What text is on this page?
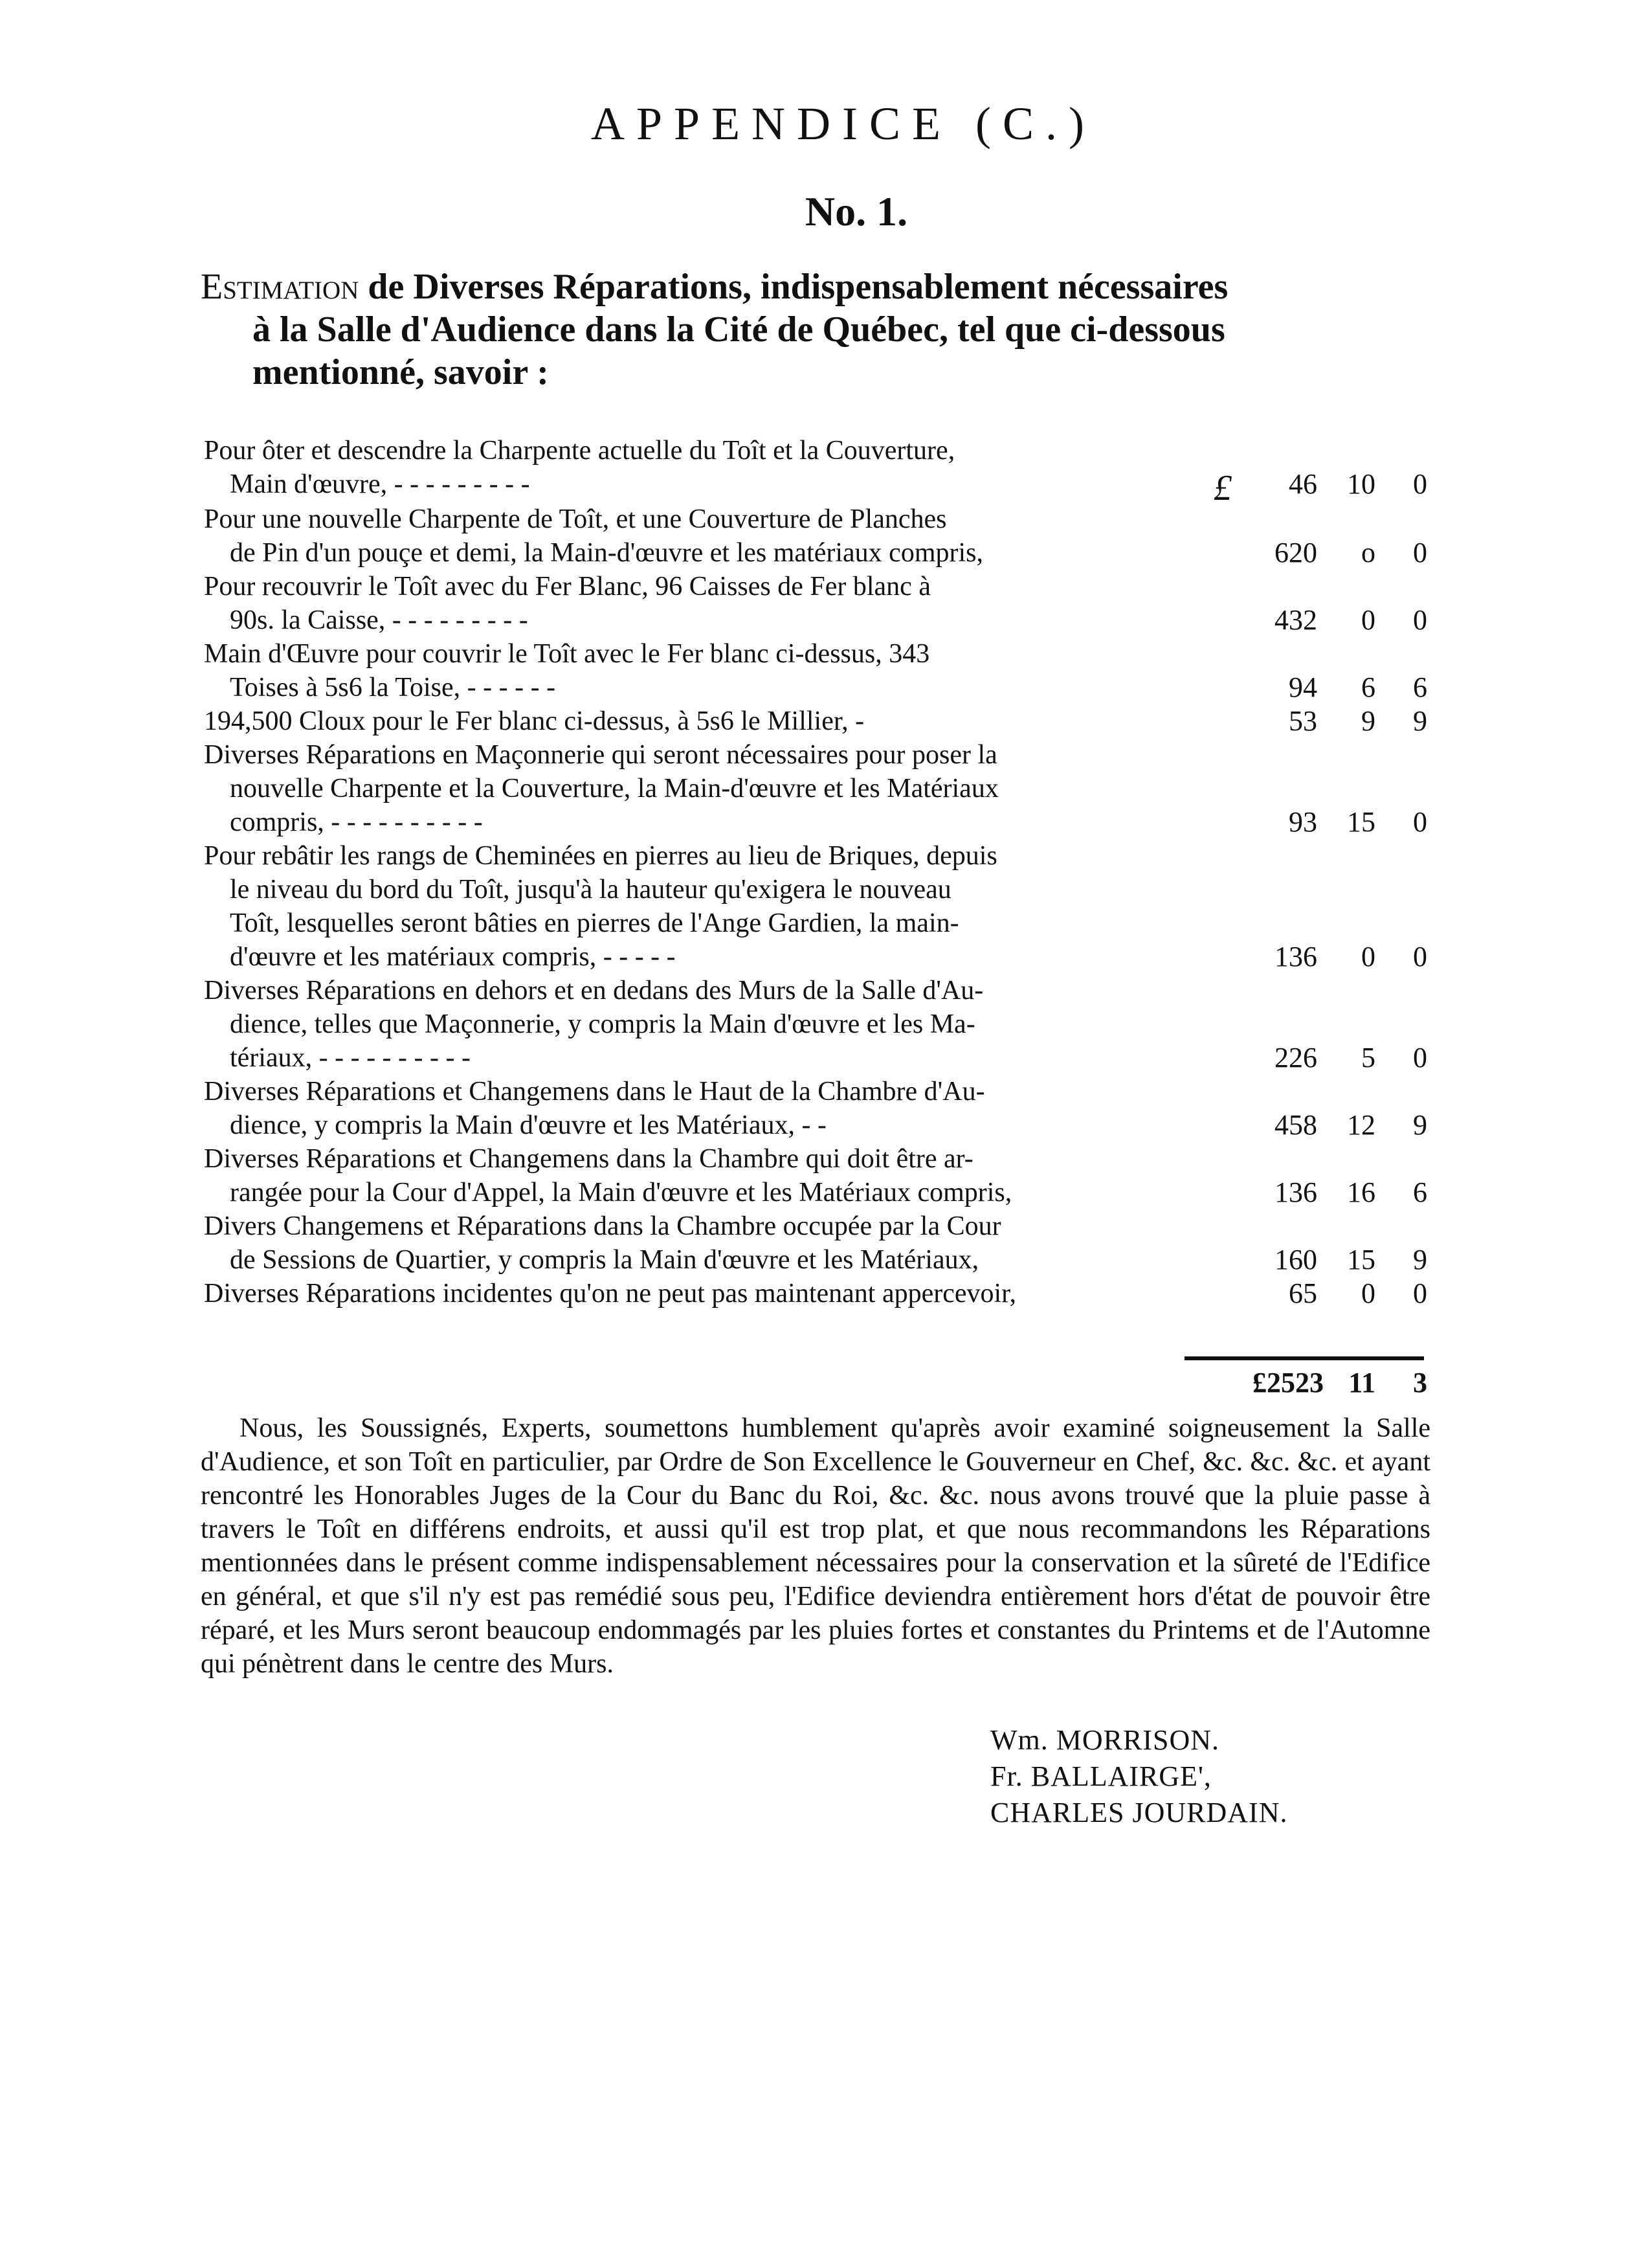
APPENDICE (C.)
No. 1.
Estimation de Diverses Réparations, indispensablement nécessaires
à la Salle d'Audience dans la Cité de Québec, tel que ci-dessous
mentionné, savoir :
Pour ôter et descendre la Charpente actuelle du Toît et la Couverture,
Main d'œuvre, - - - - - - - - -	£	46	10	0
Pour une nouvelle Charpente de Toît, et une Couverture de Planches
de Pin d'un pouçe et demi, la Main-d'œuvre et les matériaux compris,	620	o	0
Pour recouvrir le Toît avec du Fer Blanc, 96 Caisses de Fer blanc à
90s. la Caisse, - - - - - - - - -	432	0	0
Main d'Œuvre pour couvrir le Toît avec le Fer blanc ci-dessus, 343
Toises à 5s6 la Toise, - - - - - -	94	6	6
194,500 Cloux pour le Fer blanc ci-dessus, à 5s6 le Millier, -	53	9	9
Diverses Réparations en Maçonnerie qui seront nécessaires pour poser la
nouvelle Charpente et la Couverture, la Main-d'œuvre et les Matériaux
compris, - - - - - - - - - -	93	15	0
Pour rebâtir les rangs de Cheminées en pierres au lieu de Briques, depuis
le niveau du bord du Toît, jusqu'à la hauteur qu'exigera le nouveau
Toît, lesquelles seront bâties en pierres de l'Ange Gardien, la main-
d'œuvre et les matériaux compris, - - - - -	136	0	0
Diverses Réparations en dehors et en dedans des Murs de la Salle d'Au-
dience, telles que Maçonnerie, y compris la Main d'œuvre et les Ma-
tériaux, - - - - - - - - - -	226	5	0
Diverses Réparations et Changemens dans le Haut de la Chambre d'Au-
dience, y compris la Main d'œuvre et les Matériaux, - -	458	12	9
Diverses Réparations et Changemens dans la Chambre qui doit être ar-
rangée pour la Cour d'Appel, la Main d'œuvre et les Matériaux compris,	136	16	6
Divers Changemens et Réparations dans la Chambre occupée par la Cour
de Sessions de Quartier, y compris la Main d'œuvre et les Matériaux,	160	15	9
Diverses Réparations incidentes qu'on ne peut pas maintenant appercevoir,	65	0	0
£2523 11	3
Nous, les Soussignés, Experts, soumettons humblement qu'après avoir examiné soigneusement la Salle d'Audience, et son Toît en particulier, par Ordre de Son Excellence le Gouverneur en Chef, &c. &c. &c. et ayant rencontré les Honorables Juges de la Cour du Banc du Roi, &c. &c. nous avons trouvé que la pluie passe à travers le Toît en différens endroits, et aussi qu'il est trop plat, et que nous recommandons les Réparations mentionnées dans le présent comme indispensablement nécessaires pour la conservation et la sûreté de l'Edifice en général, et que s'il n'y est pas remédié sous peu, l'Edifice deviendra entièrement hors d'état de pouvoir être réparé, et les Murs seront beaucoup endommagés par les pluies fortes et constantes du Printems et de l'Automne qui pénètrent dans le centre des Murs.
Wm. MORRISON.
Fr. BALLAIRGE',
CHARLES JOURDAIN.
